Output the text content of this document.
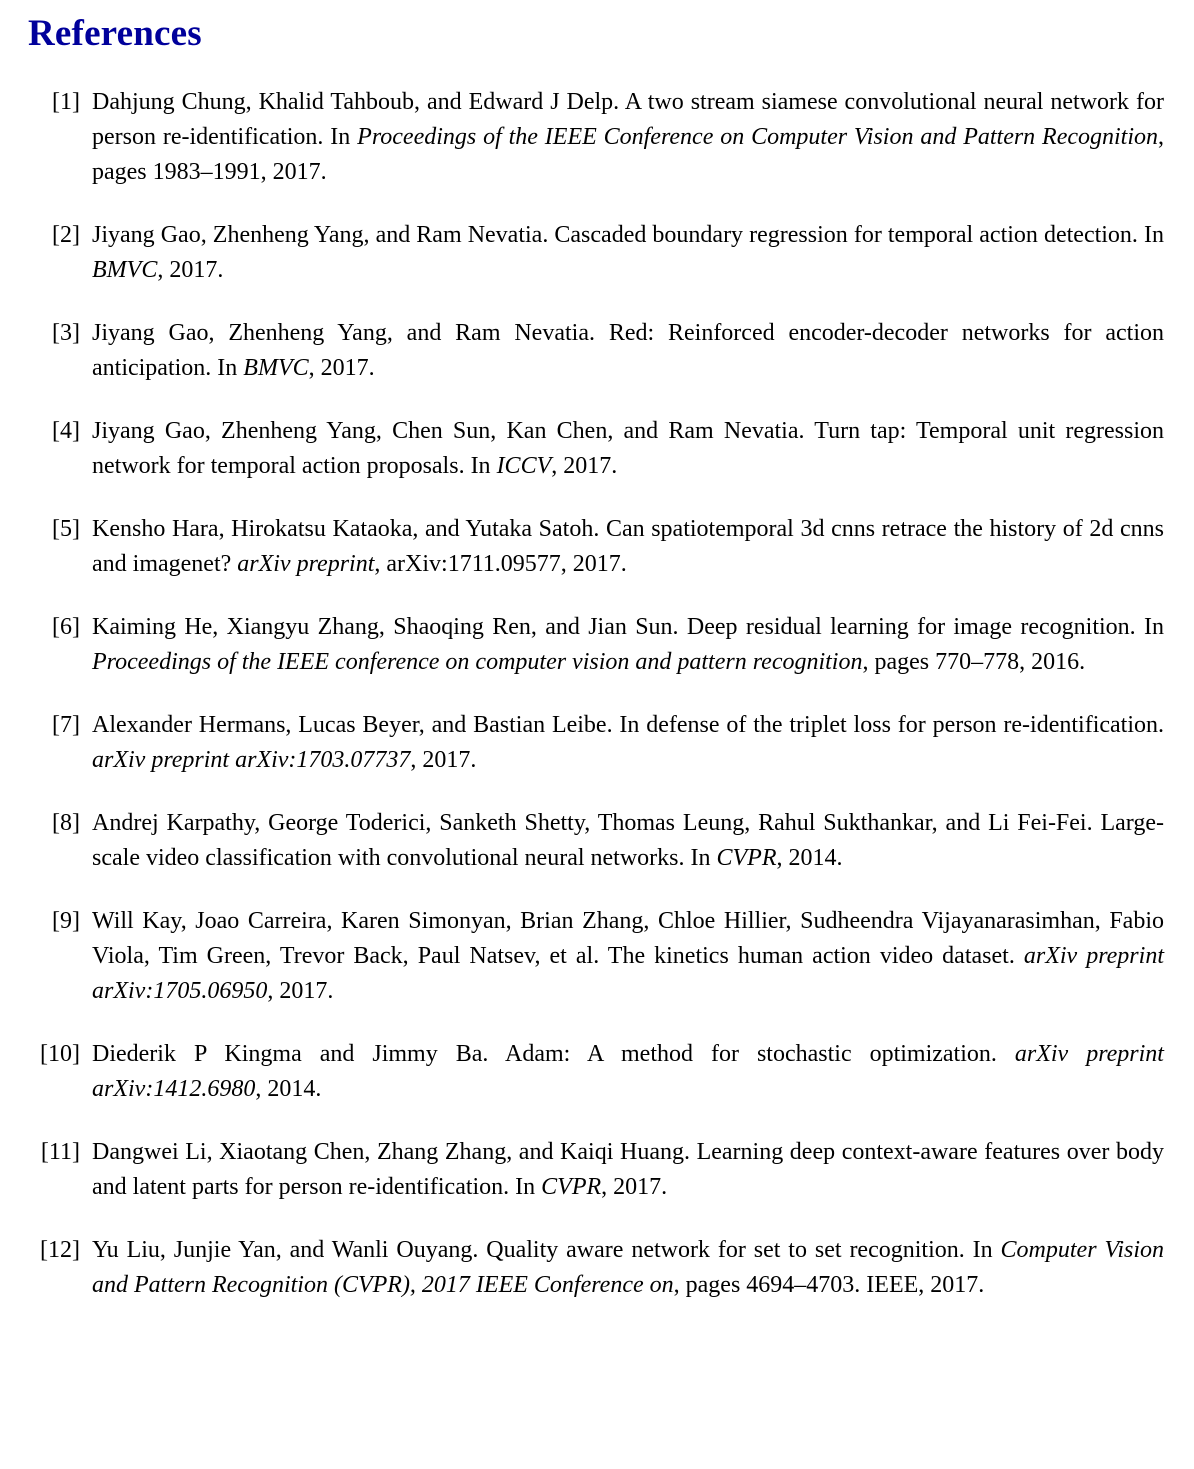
References
[1] Dahjung Chung, Khalid Tahboub, and Edward J Delp. A two stream siamese convolutional neural network for person re-identification. In Proceedings of the IEEE Conference on Computer Vision and Pattern Recognition, pages 1983–1991, 2017.
[2] Jiyang Gao, Zhenheng Yang, and Ram Nevatia. Cascaded boundary regression for temporal action detection. In BMVC, 2017.
[3] Jiyang Gao, Zhenheng Yang, and Ram Nevatia. Red: Reinforced encoder-decoder networks for action anticipation. In BMVC, 2017.
[4] Jiyang Gao, Zhenheng Yang, Chen Sun, Kan Chen, and Ram Nevatia. Turn tap: Temporal unit regression network for temporal action proposals. In ICCV, 2017.
[5] Kensho Hara, Hirokatsu Kataoka, and Yutaka Satoh. Can spatiotemporal 3d cnns retrace the history of 2d cnns and imagenet? arXiv preprint, arXiv:1711.09577, 2017.
[6] Kaiming He, Xiangyu Zhang, Shaoqing Ren, and Jian Sun. Deep residual learning for image recognition. In Proceedings of the IEEE conference on computer vision and pattern recognition, pages 770–778, 2016.
[7] Alexander Hermans, Lucas Beyer, and Bastian Leibe. In defense of the triplet loss for person re-identification. arXiv preprint arXiv:1703.07737, 2017.
[8] Andrej Karpathy, George Toderici, Sanketh Shetty, Thomas Leung, Rahul Sukthankar, and Li Fei-Fei. Large-scale video classification with convolutional neural networks. In CVPR, 2014.
[9] Will Kay, Joao Carreira, Karen Simonyan, Brian Zhang, Chloe Hillier, Sudheendra Vijayanarasimhan, Fabio Viola, Tim Green, Trevor Back, Paul Natsev, et al. The kinetics human action video dataset. arXiv preprint arXiv:1705.06950, 2017.
[10] Diederik P Kingma and Jimmy Ba. Adam: A method for stochastic optimization. arXiv preprint arXiv:1412.6980, 2014.
[11] Dangwei Li, Xiaotang Chen, Zhang Zhang, and Kaiqi Huang. Learning deep context-aware features over body and latent parts for person re-identification. In CVPR, 2017.
[12] Yu Liu, Junjie Yan, and Wanli Ouyang. Quality aware network for set to set recognition. In Computer Vision and Pattern Recognition (CVPR), 2017 IEEE Conference on, pages 4694–4703. IEEE, 2017.
